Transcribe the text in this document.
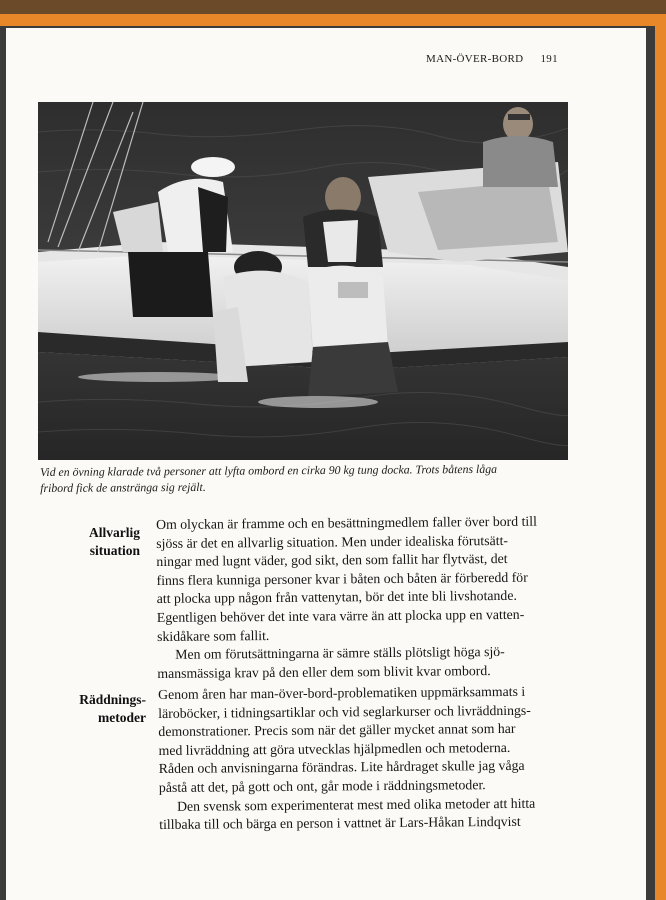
MAN-ÖVER-BORD 191
Vid en övning klarade två personer att lyfta ombord en cirka 90 kg tung docka. Trots båtens låga
fribord fick de anstränga sig rejält.
Allvarlig
situation
Om olyckan är framme och en besättningmedlem faller över bord till
sjöss är det en allvarlig situation. Men under idealiska förutsätt-
ningar med lugnt väder, god sikt, den som fallit har flytväst, det
finns flera kunniga personer kvar i båten och båten är förberedd för
att plocka upp någon från vattenytan, bör det inte bli livshotande.
Egentligen behöver det inte vara värre än att plocka upp en vatten-
skidåkare som fallit.
Men om förutsättningarna är sämre ställs plötsligt höga sjö-
mansmässiga krav på den eller dem som blivit kvar ombord.
Räddnings-
metoder
Genom åren har man-över-bord-problematiken uppmärksammats i
läroböcker, i tidningsartiklar och vid seglarkurser och livräddnings-
demonstrationer. Precis som när det gäller mycket annat som har
med livräddning att göra utvecklas hjälpmedlen och metoderna.
Råden och anvisningarna förändras. Lite hårdraget skulle jag våga
påstå att det, på gott och ont, går mode i räddningsmetoder.
Den svensk som experimenterat mest med olika metoder att hitta
tillbaka till och bärga en person i vattnet är Lars-Håkan Lindqvist
